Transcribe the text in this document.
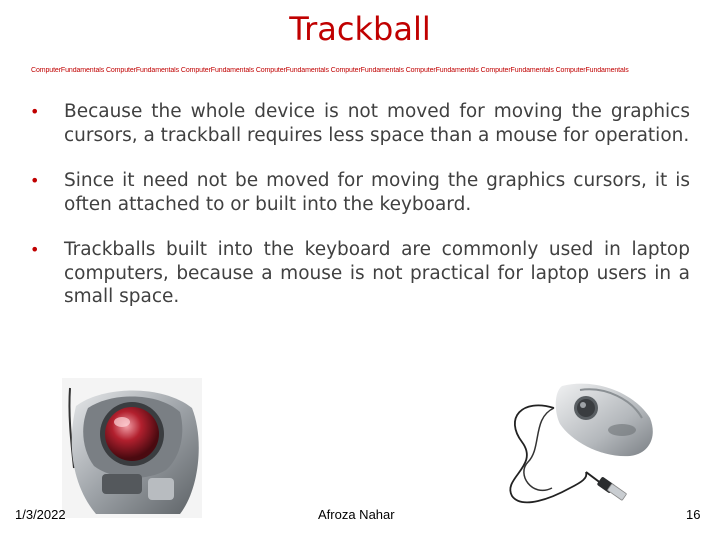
Trackball
ComputerFundamentals ComputerFundamentals ComputerFundamentals ComputerFundamentals ComputerFundamentals ComputerFundamentals ComputerFundamentals ComputerFundamentals
• Because the whole device is not moved for moving the graphics cursors, a trackball requires less space than a mouse for operation.
• Since it need not be moved for moving the graphics cursors, it is often attached to or built into the keyboard.
• Trackballs built into the keyboard are commonly used in laptop computers, because a mouse is not practical for laptop users in a small space.
1/3/2022	Afroza Nahar	16
